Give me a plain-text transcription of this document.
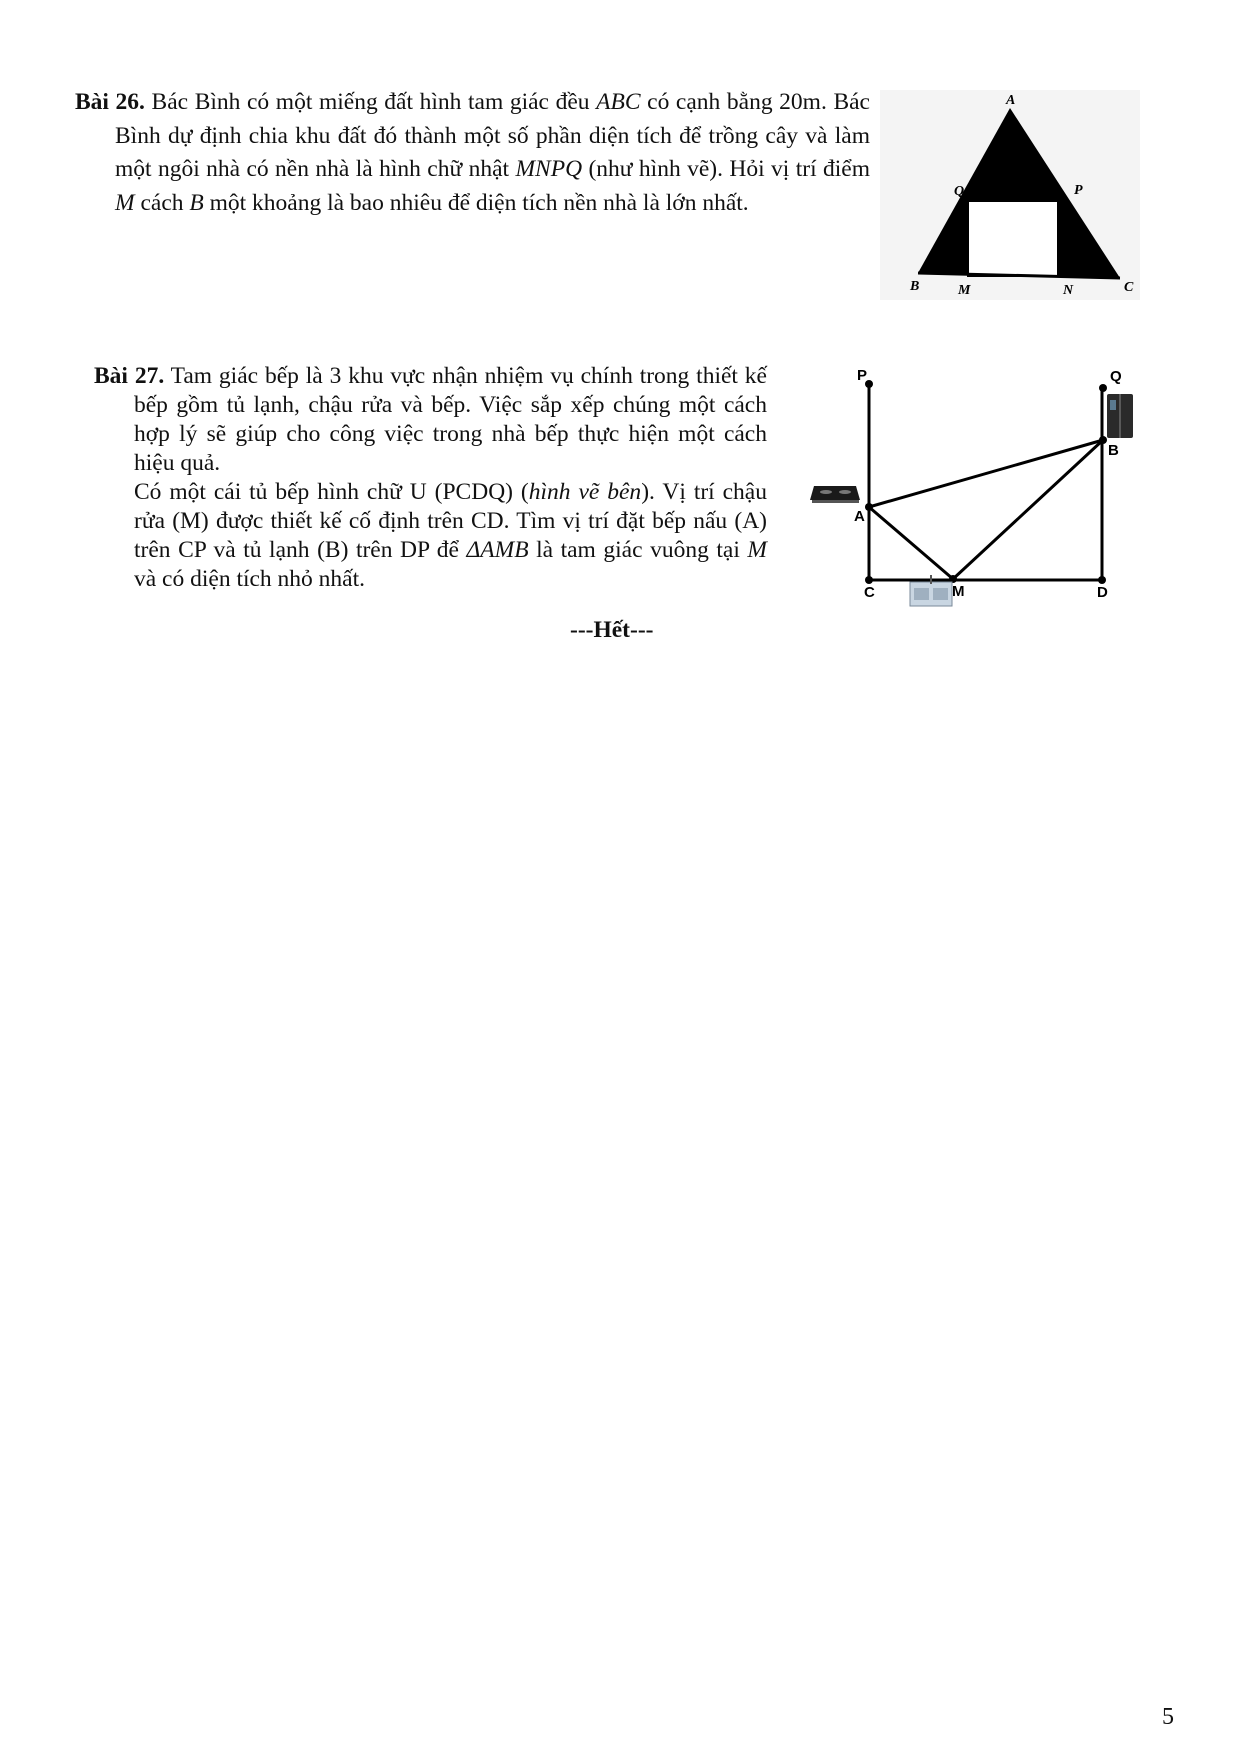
Bài 26. Bác Bình có một miếng đất hình tam giác đều ABC có cạnh bằng 20m. Bác Bình dự định chia khu đất đó thành một số phần diện tích để trồng cây và làm một ngôi nhà có nền nhà là hình chữ nhật MNPQ (như hình vẽ). Hỏi vị trí điểm M cách B một khoảng là bao nhiêu để diện tích nền nhà là lớn nhất.
A
B	C
M	N
P
Q
Bài 27. Tam giác bếp là 3 khu vực nhận nhiệm vụ chính trong thiết kế bếp gồm tủ lạnh, chậu rửa và bếp. Việc sắp xếp chúng một cách hợp lý sẽ giúp cho công việc trong nhà bếp thực hiện một cách hiệu quả.
Có một cái tủ bếp hình chữ U (PCDQ) (hình vẽ bên). Vị trí chậu rửa (M) được thiết kế cố định trên CD. Tìm vị trí đặt bếp nấu (A) trên CP và tủ lạnh (B) trên DP để ΔAMB là tam giác vuông tại M và có diện tích nhỏ nhất.
P	Q
A
B
C	D
M
---Hết---
5
